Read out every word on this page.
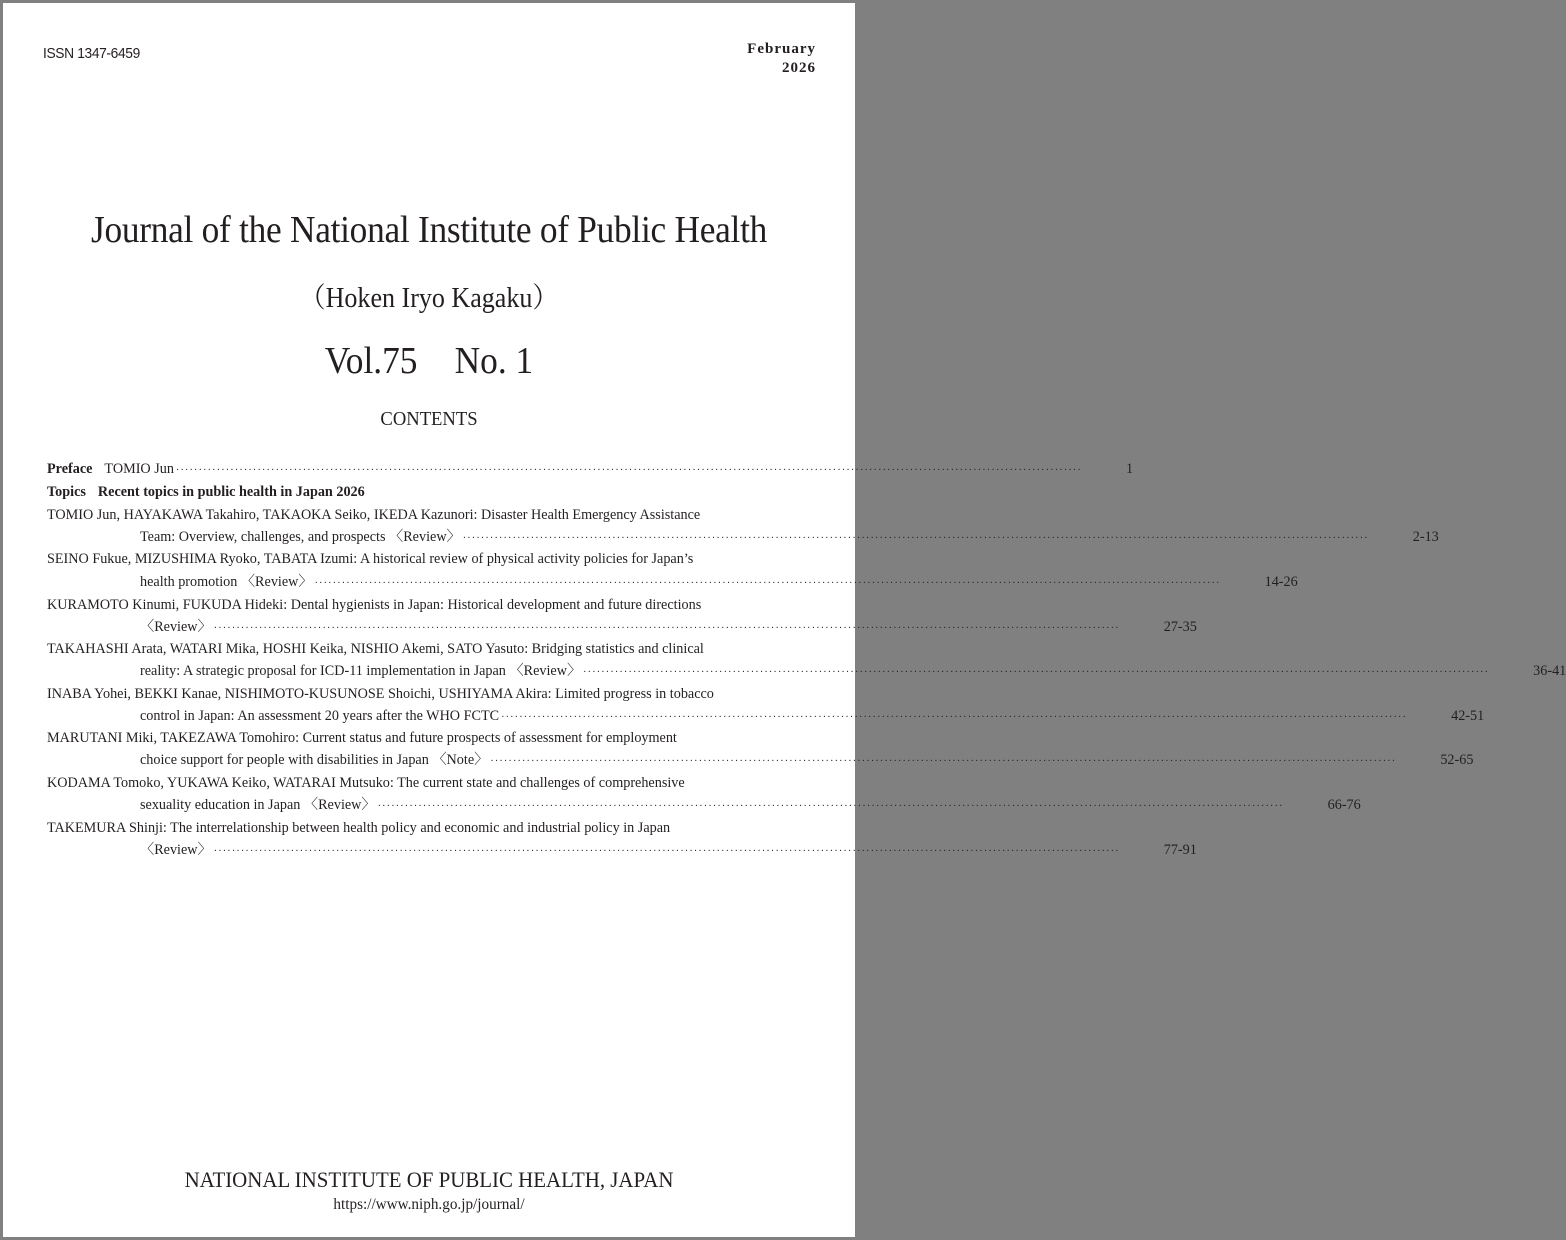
ISSN 1347-6459	February
2026
Journal of the National Institute of Public Health
（Hoken Iryo Kagaku）
Vol.75 No. 1
CONTENTS
Preface TOMIO Jun ········································································································································································································	1
Topics Recent topics in public health in Japan 2026
TOMIO Jun, HAYAKAWA Takahiro, TAKAOKA Seiko, IKEDA Kazunori: Disaster Health Emergency Assistance
Team: Overview, challenges, and prospects 〈Review〉 ········································································································································································································	2-13
SEINO Fukue, MIZUSHIMA Ryoko, TABATA Izumi: A historical review of physical activity policies for Japan’s
health promotion 〈Review〉 ········································································································································································································	14-26
KURAMOTO Kinumi, FUKUDA Hideki: Dental hygienists in Japan: Historical development and future directions
〈Review〉 ········································································································································································································	27-35
TAKAHASHI Arata, WATARI Mika, HOSHI Keika, NISHIO Akemi, SATO Yasuto: Bridging statistics and clinical
reality: A strategic proposal for ICD-11 implementation in Japan 〈Review〉 ········································································································································································································	36-41
INABA Yohei, BEKKI Kanae, NISHIMOTO-KUSUNOSE Shoichi, USHIYAMA Akira: Limited progress in tobacco
control in Japan: An assessment 20 years after the WHO FCTC ········································································································································································································	42-51
MARUTANI Miki, TAKEZAWA Tomohiro: Current status and future prospects of assessment for employment
choice support for people with disabilities in Japan 〈Note〉 ········································································································································································································	52-65
KODAMA Tomoko, YUKAWA Keiko, WATARAI Mutsuko: The current state and challenges of comprehensive
sexuality education in Japan 〈Review〉 ········································································································································································································	66-76
TAKEMURA Shinji: The interrelationship between health policy and economic and industrial policy in Japan
〈Review〉 ········································································································································································································	77-91
NATIONAL INSTITUTE OF PUBLIC HEALTH, JAPAN
https://www.niph.go.jp/journal/
